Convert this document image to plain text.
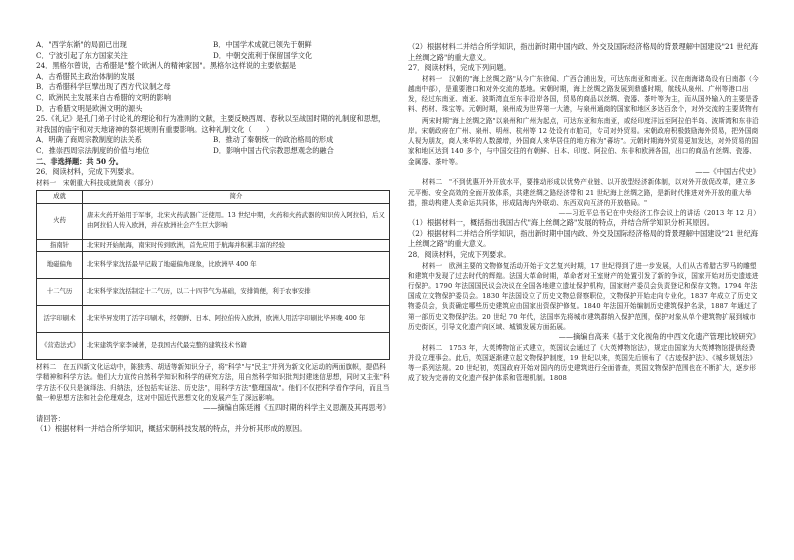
A．"西学东渐"的局面已出现	B．中国学术成就已领先于朝鲜
C．宁波引起了东方国家关注	D．中朝交流利于保留国学文化

24．黑格尔曾说，古希腊是"整个欧洲人的精神家园"。黑格尔这样说的主要依据是

A．古希腊民主政治体制的发展

B．古希腊科学巨擘出现了西方代议制之母

C．欧洲民主发展来自古希腊的文明的影响

D．古希腊文明是欧洲文明的源头

25.《礼记》是孔门弟子讨论礼的理论和行为准则的文献，主要反映西周、春秋以至战国时期的礼制度和思想，对我国的庙宇和对天地诸神的祭祀规则有重要影响。这种礼制文化（　　）

A．明确了商周宗教制度的法关系	B．推动了秦朝统一的政治格局的形成
C．推崇西周宗法制度的价值与地位	D．影响中国古代宗教思想观念的融合

二、非选择题：共 50 分。

26．阅读材料，完成下列要求。

材料一　宋朝重大科技成就简表（部分）

成就	简介
火药	唐末火药开始用于军事，北宋火药武器广泛使用。13 世纪中期，火药和火药武器的知识传入阿拉伯，后又由阿拉伯人传入欧洲，并在欧洲社会产生巨大影响
指南针	北宋时开始航海，南宋时传到欧洲，首先应用于航海并积累丰富的经验
地磁偏角	北宋科学家沈括最早记载了地磁偏角现象，比欧洲早 400 年
十二气历	北宋科学家沈括制定十二气历，以二十四节气为基础，安排简便，利于农事安排
活字印刷术	北宋毕昇发明了活字印刷术，经朝鲜、日本、阿拉伯传入欧洲，欧洲人用活字印刷比毕昇晚 400 年
《营造法式》	北宋建筑学家李诫著，是我国古代最完整的建筑技术书籍

材料二　在五四新文化运动中，陈独秀、胡适等新知识分子，将"科学"与"民主"并列为新文化运动的两面旗帜，提倡科学精神和科学方法。他们大力宣传自然科学知识和科学的研究方法，用自然科学知识批判封建迷信思想，同时又主张"科学方法不仅只是演绎法、归纳法，还包括实证法、历史法"，用科学方法"整理国故"。他们不仅把科学看作学问，而且当做一种思想方法和社会伦理观念，这对中国近代思想文化的发展产生了深远影响。

——摘编自陈廷湘《五四时期的科学主义思潮及其再思考》

请回答：

（1）根据材料一并结合所学知识，概括宋朝科技发展的特点，并分析其形成的原因。

（2）根据材料二并结合所学知识，指出新时期中国内政、外交及国际经济格局的背景理解中国建设"21 世纪海上丝绸之路"的重大意义。

27．阅读材料，完成下列问题。

材料一　汉朝的"海上丝绸之路"从今广东徐闻、广西合浦出发，可达东南亚和南亚。汉在南海诸岛设有日南郡（今越南中部），是重要港口和对外交流的基地。宋朝时期，海上丝绸之路发展到鼎盛时期，航线从泉州、广州等港口出发，经过东南亚、南亚、波斯湾直至东非沿岸各国，贸易的商品以丝绸、瓷器、茶叶等为主，而从国外输入的主要是香料、药材、珠宝等。元朝时期，泉州成为世界第一大港，与泉州通商的国家和地区多达百余个，对外交流的主要货物有

两宋时期"海上丝绸之路"以泉州和广州为起点，可达东亚和东南亚，或经印度洋远至阿拉伯半岛、波斯湾和东非沿岸。宋朝政府在广州、泉州、明州、杭州等 12 处设有市舶司，专司对外贸易。宋朝政府积极鼓励海外贸易，把外国商人视为朋友，商人来华的人数激增，外国商人来华居住的地方称为"蕃坊"。元朝时期海外贸易更加发达，对外贸易的国家和地区达到 140 多个，与中国交往的有朝鲜、日本、印度、阿拉伯、东非和欧洲各国，出口的商品有丝绸、瓷器、金属器、茶叶等。

——《中国古代史》

材料二　"不到优惠开外开放水平，要推动形成以优势产业链、以开放型经济新体制，以对外开放促改革，建立多元平衡、安全高效的全面开放体系，共建丝绸之路经济带和 21 世纪海上丝绸之路，是新时代推进对外开放的重大举措，推动构建人类命运共同体，形成陆海内外联动、东西双向互济的开放格局。"

——习近平总书记在中央经济工作会议上的讲话（2013 年 12 月）

（1）根据材料一，概括指出我国古代"海上丝绸之路"发展的特点，并结合所学知识分析其原因。

（2）根据材料二并结合所学知识，指出新时期中国内政、外交及国际经济格局的背景理解中国建设"21 世纪海上丝绸之路"的重大意义。

28．阅读材料，完成下列要求。

材料一　欧洲主要的文物修复活动开始于文艺复兴时期，17 世纪得到了进一步发展，人们从古希腊古罗马的雕塑和建筑中发现了过去时代的辉煌。法国大革命时期，革命者对王室财产的处置引发了新的争议，国家开始对历史遗迹进行保护。1790 年法国国民议会决议在全国各地建立遗址保护机构，国家财产委员会负责登记和保存文物。1794 年法国成立文物保护委员会。1830 年法国设立了历史文物总督察职位，文物保护开始走向专业化，1837 年成立了历史文物委员会，负责确定哪些历史建筑应由国家出资保护修复。1840 年法国开始编制历史建筑保护名录，1887 年通过了第一部历史文物保护法。20 世纪 70 年代，法国率先将城市建筑群纳入保护范围，保护对象从单个建筑物扩展到城市历史街区，引导文化遗产向区域、城镇发展方面拓展。

——摘编自高来《基于文化视角的中西文化遗产管理比较研究》

材料二　1753 年，大英博物馆正式建立，英国议会通过了《大英博物馆法》，规定由国家为大英博物馆提供经费并设立理事会。此后，英国逐渐建立起文物保护制度，19 世纪以来，英国先后颁布了《古迹保护法》、《城乡规划法》等一系列法规。20 世纪初，英国政府开始对国内的历史建筑进行全面普查，英国文物保护范围也在不断扩大，逐步形成了较为完善的文化遗产保护体系和管理机制。1808
